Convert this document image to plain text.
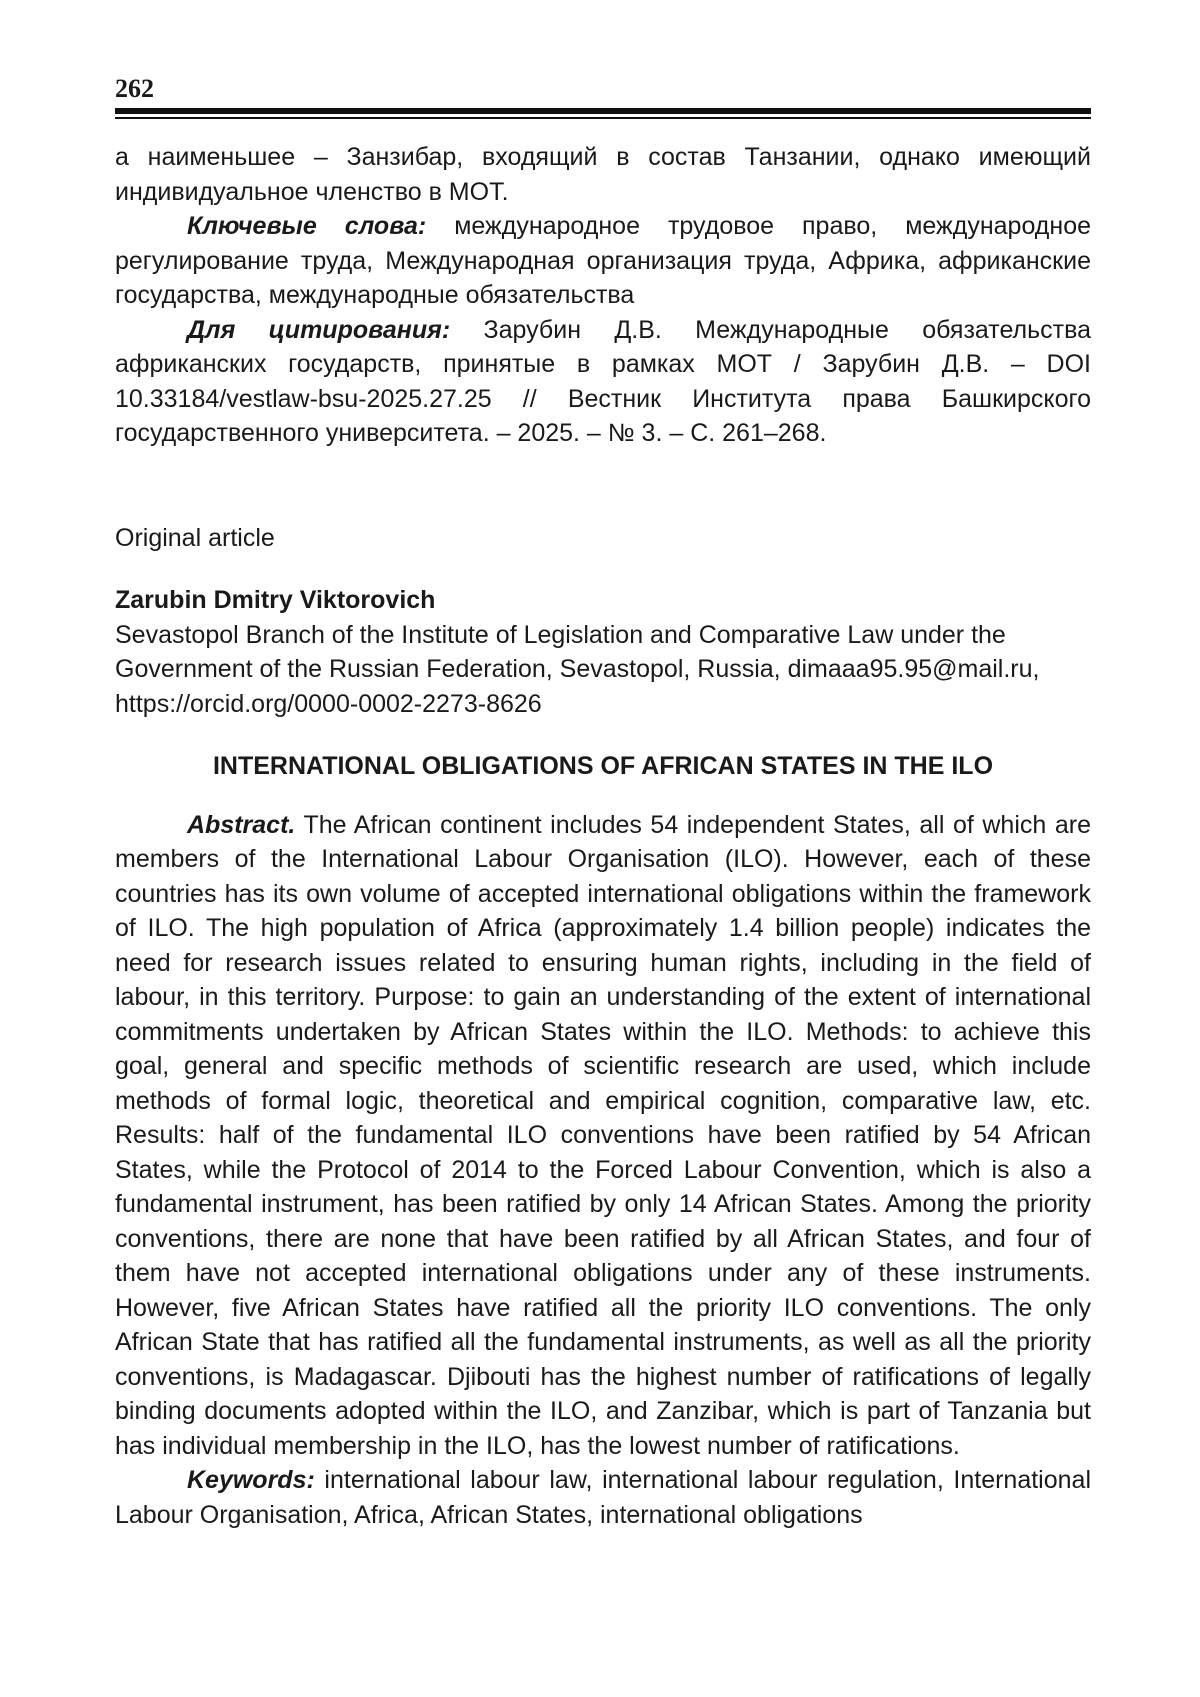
262

а наименьшее – Занзибар, входящий в состав Танзании, однако имеющий индивидуальное членство в МОТ.

Ключевые слова: международное трудовое право, международное регулирование труда, Международная организация труда, Африка, африканские государства, международные обязательства

Для цитирования: Зарубин Д.В. Международные обязательства африканских государств, принятые в рамках МОТ / Зарубин Д.В. – DOI 10.33184/vestlaw-bsu-2025.27.25 // Вестник Института права Башкирского государственного университета. – 2025. – № 3. – С. 261–268.

Original article

Zarubin Dmitry Viktorovich

Sevastopol Branch of the Institute of Legislation and Comparative Law under the Government of the Russian Federation, Sevastopol, Russia, dimaaa95.95@mail.ru, https://orcid.org/0000-0002-2273-8626

INTERNATIONAL OBLIGATIONS OF AFRICAN STATES IN THE ILO

Abstract. The African continent includes 54 independent States, all of which are members of the International Labour Organisation (ILO). However, each of these countries has its own volume of accepted international obligations within the framework of ILO. The high population of Africa (approximately 1.4 billion people) indicates the need for research issues related to ensuring human rights, including in the field of labour, in this territory. Purpose: to gain an understanding of the extent of international commitments undertaken by African States within the ILO. Methods: to achieve this goal, general and specific methods of scientific research are used, which include methods of formal logic, theoretical and empirical cognition, comparative law, etc. Results: half of the fundamental ILO conventions have been ratified by 54 African States, while the Protocol of 2014 to the Forced Labour Convention, which is also a fundamental instrument, has been ratified by only 14 African States. Among the priority conventions, there are none that have been ratified by all African States, and four of them have not accepted international obligations under any of these instruments. However, five African States have ratified all the priority ILO conventions. The only African State that has ratified all the fundamental instruments, as well as all the priority conventions, is Madagascar. Djibouti has the highest number of ratifications of legally binding documents adopted within the ILO, and Zanzibar, which is part of Tanzania but has individual membership in the ILO, has the lowest number of ratifications.

Keywords: international labour law, international labour regulation, International Labour Organisation, Africa, African States, international obligations
